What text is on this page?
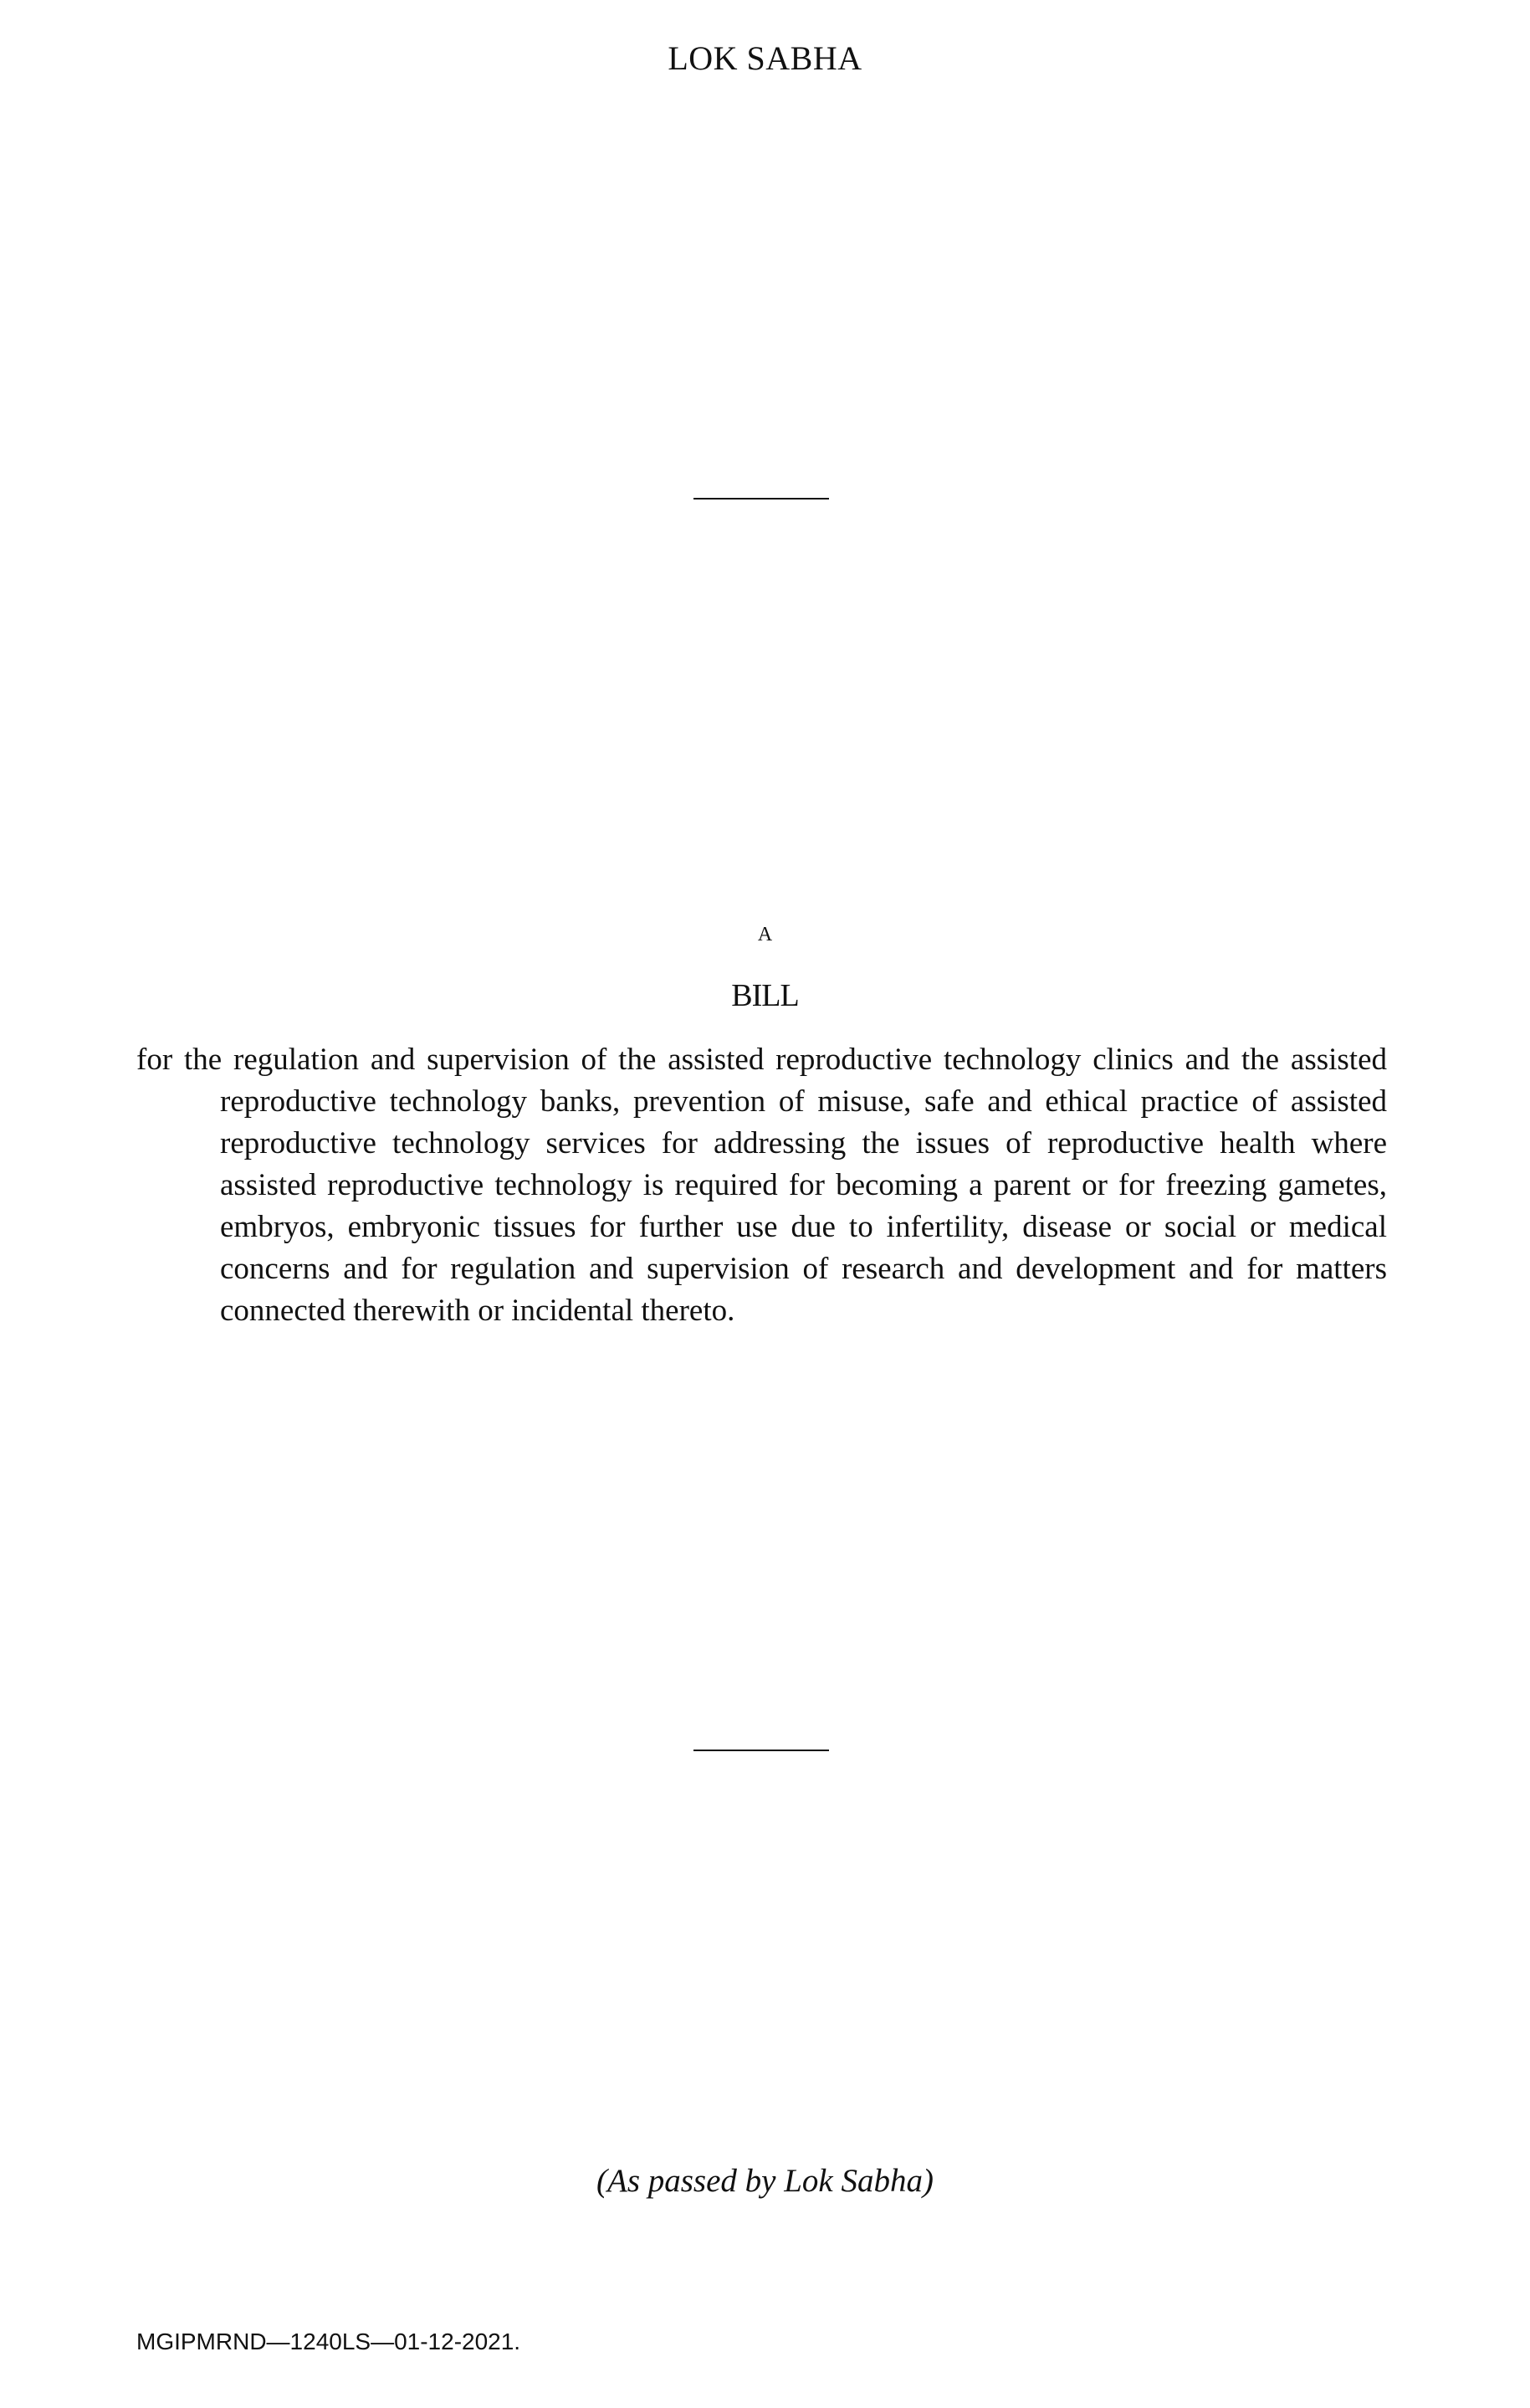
LOK SABHA
A
BILL

for the regulation and supervision of the assisted reproductive technology clinics and the assisted reproductive technology banks, prevention of misuse, safe and ethical practice of assisted reproductive technology services for addressing the issues of reproductive health where assisted reproductive technology is required for becoming a parent or for freezing gametes, embryos, embryonic tissues for further use due to infertility, disease or social or medical concerns and for regulation and supervision of research and development and for matters connected therewith or incidental thereto.

(As passed by Lok Sabha)
MGIPMRND—1240LS—01-12-2021.
